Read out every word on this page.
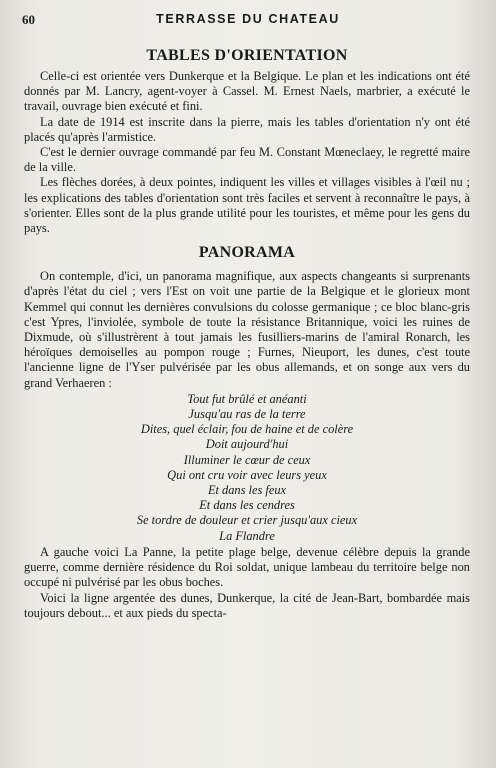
60	TERRASSE DU CHATEAU
TABLES D'ORIENTATION

Celle-ci est orientée vers Dunkerque et la Belgique. Le plan et les indications ont été donnés par M. Lancry, agent-voyer à Cassel. M. Ernest Naels, marbrier, a exécuté le travail, ouvrage bien exécuté et fini.

La date de 1914 est inscrite dans la pierre, mais les tables d'orientation n'y ont été placés qu'après l'armistice.

C'est le dernier ouvrage commandé par feu M. Constant Mœneclaey, le regretté maire de la ville.

Les flèches dorées, à deux pointes, indiquent les villes et villages visibles à l'œil nu ; les explications des tables d'orientation sont très faciles et servent à reconnaître le pays, à s'orienter. Elles sont de la plus grande utilité pour les touristes, et même pour les gens du pays.

PANORAMA

On contemple, d'ici, un panorama magnifique, aux aspects changeants si surprenants d'après l'état du ciel ; vers l'Est on voit une partie de la Belgique et le glorieux mont Kemmel qui connut les dernières convulsions du colosse germanique ; ce bloc blanc-gris c'est Ypres, l'inviolée, symbole de toute la résistance Britannique, voici les ruines de Dixmude, où s'illustrèrent à tout jamais les fusilliers-marins de l'amiral Ronarch, les héroïques demoiselles au pompon rouge ; Furnes, Nieuport, les dunes, c'est toute l'ancienne ligne de l'Yser pulvérisée par les obus allemands, et on songe aux vers du grand Verhaeren :

Tout fut brûlé et anéanti
Jusqu'au ras de la terre
Dites, quel éclair, fou de haine et de colère
Doit aujourd'hui
Illuminer le cœur de ceux
Qui ont cru voir avec leurs yeux
Et dans les feux
Et dans les cendres
Se tordre de douleur et crier jusqu'aux cieux
La Flandre

A gauche voici La Panne, la petite plage belge, devenue célèbre depuis la grande guerre, comme dernière résidence du Roi soldat, unique lambeau du territoire belge non occupé ni pulvérisé par les obus boches.

Voici la ligne argentée des dunes, Dunkerque, la cité de Jean-Bart, bombardée mais toujours debout... et aux pieds du specta-
